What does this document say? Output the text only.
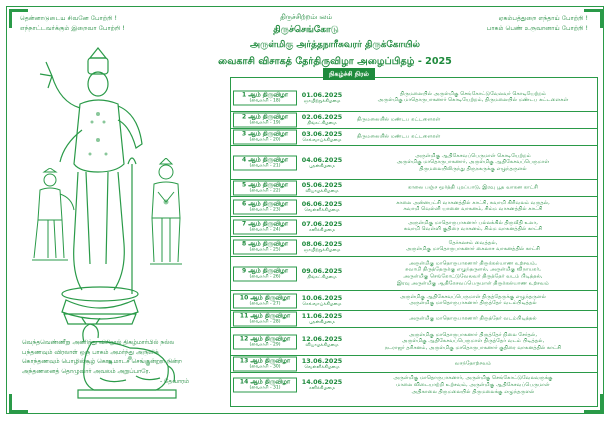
தென்னாடுடைய சிவனே போற்றி !
எந்நாட்டவர்க்கும் இறைவா போற்றி !
ஏகம்பத்துறை எந்தாய் போற்றி !
பாகம் பெண் உருவானாய் போற்றி !
திருச்சிற்றம்பலம்
திருச்செங்கோடு
அருள்மிகு அர்த்தநாரீசுவரர் திருக்கோயில்
வைகாசி விசாகத் தேர்திருவிழா அழைப்பிதழ் - 2025
வெந்தவெண்ணீறு அணிந்து விரிநூல் திகழ்மார்பில் நல்ல
பந்தணவும் விரலாள் ஒரு பாகம் அமர்ந்து அருளிக்
கொந்தணவும் பொழில்சூழ் கொடிமாடச் செங்குன்றூர் நின்ற
அந்தணனைத் தொழுவார் அவலம் அறுப்பாரே.
- தேவாரம்
நிகழ்ச்சி நிரல்
1 ஆம் திருவிழா
(வைகாசி - 18)
01.06.2025
ஞாயிற்றுக்கிழமை
திருமலையில் அருள்மிகு செங்கோட்டுவேலவர் கொடியேற்றம்
அருள்மிகு மாதொருபாகனார் கொடியேற்றம், திருமலையில் மண்டப கட்டளைகள்
2 ஆம் திருவிழா
(வைகாசி - 19)
02.06.2025
திங்கட்கிழமை
திருமலையில் மண்டப கட்டளைகள்
3 ஆம் திருவிழா
(வைகாசி - 20)
03.06.2025
செவ்வாய்க்கிழமை
திருமலையில் மண்டப கட்டளைகள்
4 ஆம் திருவிழா
(வைகாசி - 21)
04.06.2025
புதன்கிழமை
அருள்மிகு ஆதிகேசவப்பெருமாள் கொடியேற்றம்
அருள்மிகு மாதொருபாகனார், அருள்மிகு ஆதிகேசவப்பெருமாள்
திருமலையிலிருந்து திருநகருக்கு எழுந்தருளல்
5 ஆம் திருவிழா
(வைகாசி - 22)
05.06.2025
வியாழக்கிழமை
காலை பஞ்ச மூர்த்தி புறப்பாடு, இரவு பூத வாகன காட்சி
6 ஆம் திருவிழா
(வைகாசி - 23)
06.06.2025
வெள்ளிக்கிழமை
காலை அன்னபட்சி வாகனத்தில் காட்சி, சுவாமி கிரிவலம் வருதல்,
சுவாமி வெள்ளி யானை வாகனம், சிம்ம வாகனத்தில் காட்சி
7 ஆம் திருவிழா
(வைகாசி - 24)
07.06.2025
சனிக்கிழமை
அருள்மிகு மாதொருபாகனார் பல்லக்கில் திருவீதி உலா,
சுவாமி வெள்ளி குதிரை வாகனம், சிம்ம வாகனத்தில் காட்சி
8 ஆம் திருவிழா
(வைகாசி - 25)
08.06.2025
ஞாயிற்றுக்கிழமை
தேர்கலசம் வைத்தல்,
அருள்மிகு மாதொருபாகனார் கைலாச வாகனத்தில் காட்சி
9 ஆம் திருவிழா
(வைகாசி - 26)
09.06.2025
திங்கட்கிழமை
அருள்மிகு மாதொருபாகனார் திருக்கல்யாண உற்சவம்,
சுவாமி திருத்தேருக்கு எழுந்தருளல், அருள்மிகு விநாயகர்,
அருள்மிகு செங்கோட்டுவேலவர் திருத்தேர் வடம் பிடித்தல்,
இரவு அருள்மிகு ஆதிகேசவப்பெருமாள் திருக்கல்யாண உற்சவம்
10 ஆம் திருவிழா
(வைகாசி - 27)
10.06.2025
செவ்வாய்க்கிழமை
அருள்மிகு ஆதிகேசவப்பெருமாள் திருத்தேருக்கு எழுந்தருளல்
அருள்மிகு மாதொருபாகனார் திருத்தேர் வடம்பிடித்தல்
11 ஆம் திருவிழா
(வைகாசி - 28)
11.06.2025
புதன்கிழமை
அருள்மிகு மாதொருபாகனார் திருத்தேர் வடம்பிடித்தல்
12 ஆம் திருவிழா
(வைகாசி - 29)
12.06.2025
வியாழக்கிழமை
அருள்மிகு மாதொருபாகனார் திருத்தேர் நிலை சேர்தல்,
அருள்மிகு ஆதிகேசவப்பெருமாள் திருத்தேர் வடம் பிடித்தல்,
நடராஜர் தரிசனம், அருள்மிகு மாதொருபாகனார் குதிரை வாகனத்தில் காட்சி
13 ஆம் திருவிழா
(வைகாசி - 30)
13.06.2025
வெள்ளிக்கிழமை
வசந்தோற்சவம்
14 ஆம் திருவிழா
(வைகாசி - 31)
14.06.2025
சனிக்கிழமை
அருள்மிகு மாதொருபாகனார், அருள்மிகு செங்கோட்டுவேலவருக்கு
மாலை விடையாற்றி உற்சவம், அருள்மிகு ஆதிகேசவப்பெருமாள்
அதிகாலை திருமலையில் திருமலைக்கு எழுந்தருளல்
